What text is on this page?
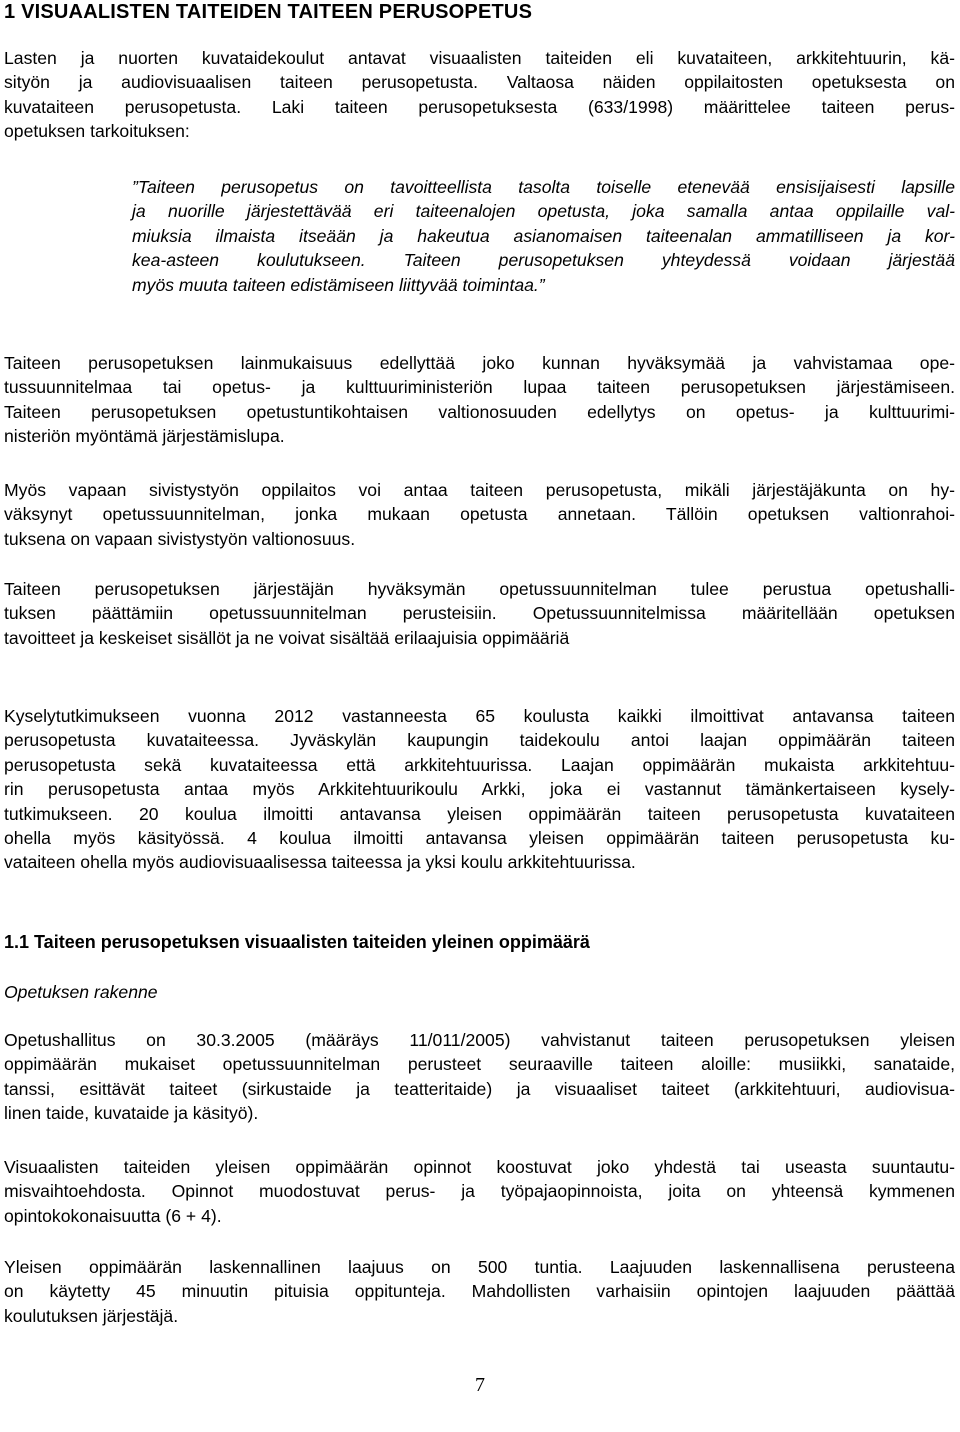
1 VISUAALISTEN TAITEIDEN TAITEEN PERUSOPETUS
Lasten ja nuorten kuvataidekoulut antavat visuaalisten taiteiden eli kuvataiteen, arkkitehtuurin, kä-
sityön ja audiovisuaalisen taiteen perusopetusta. Valtaosa näiden oppilaitosten opetuksesta on
kuvataiteen perusopetusta. Laki taiteen perusopetuksesta (633/1998) määrittelee taiteen perus-
opetuksen tarkoituksen:
”Taiteen perusopetus on tavoitteellista tasolta toiselle etenevää ensisijaisesti lapsille
ja nuorille järjestettävää eri taiteenalojen opetusta, joka samalla antaa oppilaille val-
miuksia ilmaista itseään ja hakeutua asianomaisen taiteenalan ammatilliseen ja kor-
kea-asteen koulutukseen. Taiteen perusopetuksen yhteydessä voidaan järjestää
myös muuta taiteen edistämiseen liittyvää toimintaa.”
Taiteen perusopetuksen lainmukaisuus edellyttää joko kunnan hyväksymää ja vahvistamaa ope-
tussuunnitelmaa tai opetus- ja kulttuuriministeriön lupaa taiteen perusopetuksen järjestämiseen.
Taiteen perusopetuksen opetustuntikohtaisen valtionosuuden edellytys on opetus- ja kulttuurimi-
nisteriön myöntämä järjestämislupa.
Myös vapaan sivistystyön oppilaitos voi antaa taiteen perusopetusta, mikäli järjestäjäkunta on hy-
väksynyt opetussuunnitelman, jonka mukaan opetusta annetaan. Tällöin opetuksen valtionrahoi-
tuksena on vapaan sivistystyön valtionosuus.
Taiteen perusopetuksen järjestäjän hyväksymän opetussuunnitelman tulee perustua opetushalli-
tuksen päättämiin opetussuunnitelman perusteisiin. Opetussuunnitelmissa määritellään opetuksen
tavoitteet ja keskeiset sisällöt ja ne voivat sisältää erilaajuisia oppimääriä
Kyselytutkimukseen vuonna 2012 vastanneesta 65 koulusta kaikki ilmoittivat antavansa taiteen
perusopetusta kuvataiteessa. Jyväskylän kaupungin taidekoulu antoi laajan oppimäärän taiteen
perusopetusta sekä kuvataiteessa että arkkitehtuurissa. Laajan oppimäärän mukaista arkkitehtuu-
rin perusopetusta antaa myös Arkkitehtuurikoulu Arkki, joka ei vastannut tämänkertaiseen kysely-
tutkimukseen. 20 koulua ilmoitti antavansa yleisen oppimäärän taiteen perusopetusta kuvataiteen
ohella myös käsityössä. 4 koulua ilmoitti antavansa yleisen oppimäärän taiteen perusopetusta ku-
vataiteen ohella myös audiovisuaalisessa taiteessa ja yksi koulu arkkitehtuurissa.
1.1 Taiteen perusopetuksen visuaalisten taiteiden yleinen oppimäärä
Opetuksen rakenne
Opetushallitus on 30.3.2005 (määräys 11/011/2005) vahvistanut taiteen perusopetuksen yleisen
oppimäärän mukaiset opetussuunnitelman perusteet seuraaville taiteen aloille: musiikki, sanataide,
tanssi, esittävät taiteet (sirkustaide ja teatteritaide) ja visuaaliset taiteet (arkkitehtuuri, audiovisua-
linen taide, kuvataide ja käsityö).
Visuaalisten taiteiden yleisen oppimäärän opinnot koostuvat joko yhdestä tai useasta suuntautu-
misvaihtoehdosta. Opinnot muodostuvat perus- ja työpajaopinnoista, joita on yhteensä kymmenen
opintokokonaisuutta (6 + 4).
Yleisen oppimäärän laskennallinen laajuus on 500 tuntia. Laajuuden laskennallisena perusteena
on käytetty 45 minuutin pituisia oppitunteja. Mahdollisten varhaisiin opintojen laajuuden päättää
koulutuksen järjestäjä.
7
